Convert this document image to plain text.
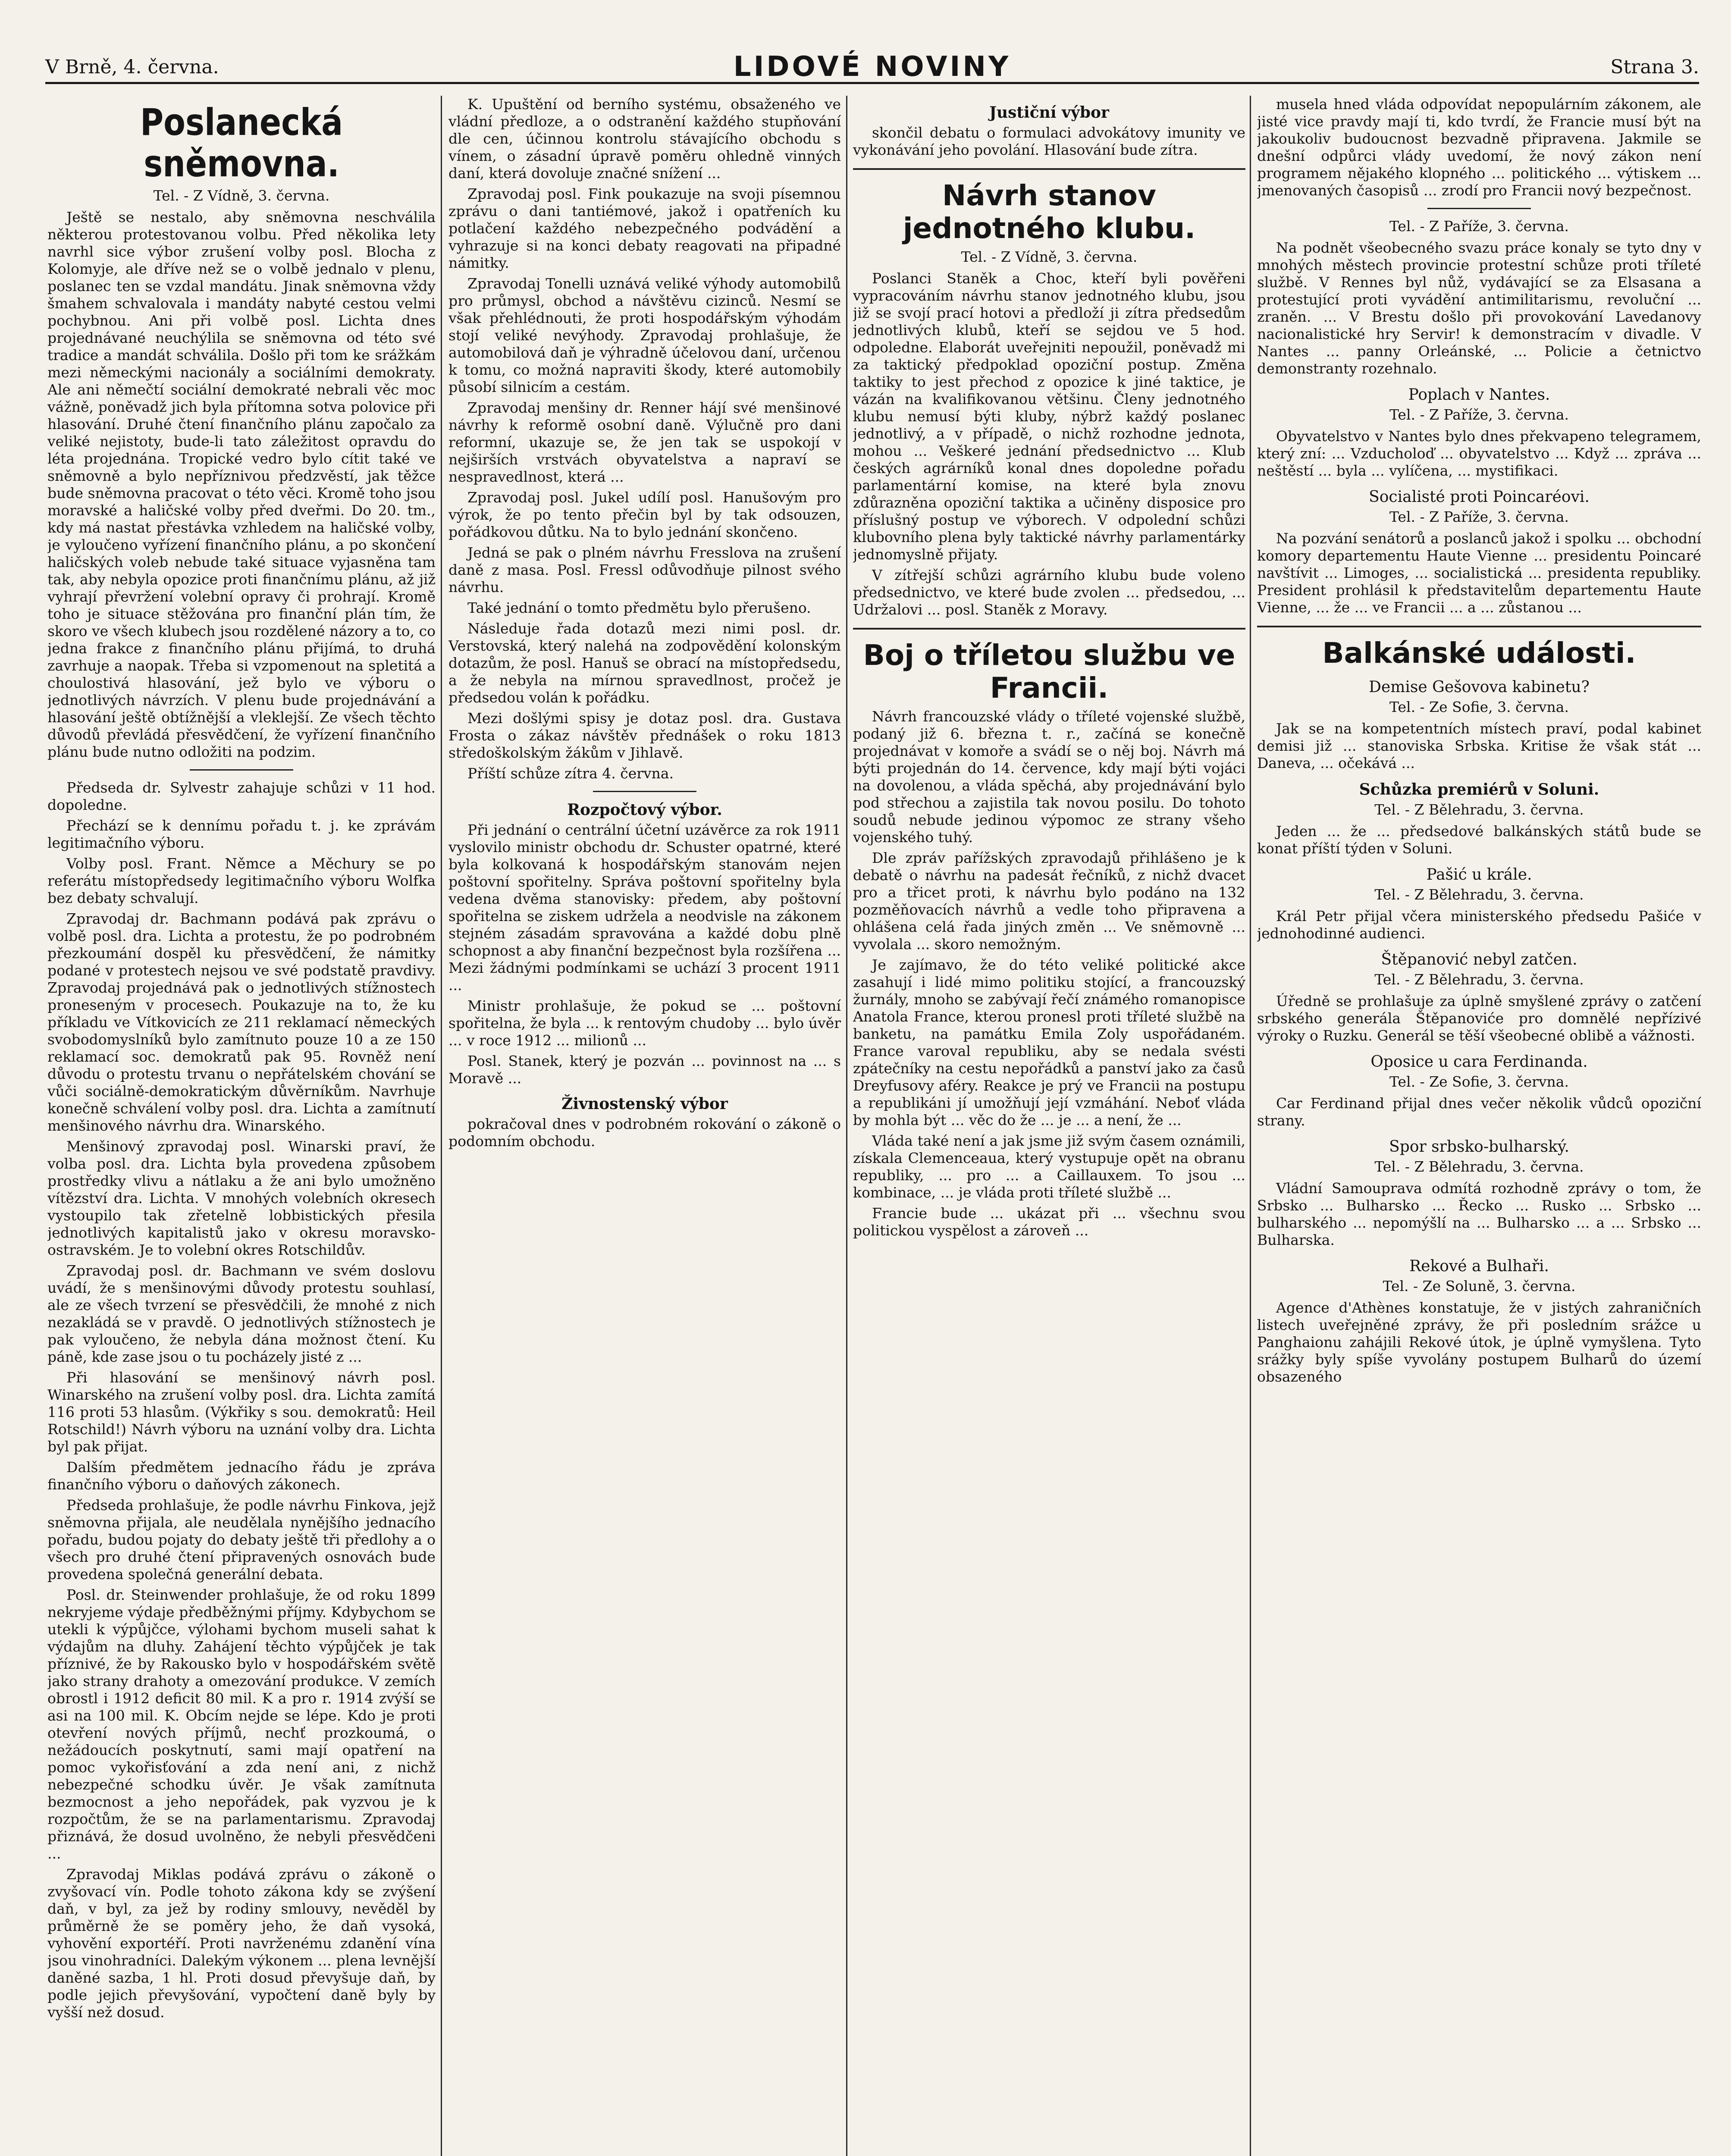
V Brně, 4. června.	LIDOVÉ NOVINY	Strana 3.
Poslanecká sněmovna.

Tel. - Z Vídně, 3. června.

Ještě se nestalo, aby sněmovna neschválila některou protestovanou volbu. Před několika lety navrhl sice výbor zrušení volby posl. Blocha z Kolomyje, ale dříve než se o volbě jednalo v plenu, poslanec ten se vzdal mandátu. Jinak sněmovna vždy šmahem schvalovala i mandáty nabyté cestou velmi pochybnou. Ani při volbě posl. Lichta dnes projednávané neuchýlila se sněmovna od této své tradice a mandát schválila. Došlo při tom ke srážkám mezi německými nacionály a sociálními demokraty. Ale ani němečtí sociální demokraté nebrali věc moc vážně, poněvadž jich byla přítomna sotva polovice při hlasování. Druhé čtení finančního plánu započalo za veliké nejistoty, bude-li tato záležitost opravdu do léta projednána. Tropické vedro bylo cítit také ve sněmovně a bylo nepříznivou předzvěstí, jak těžce bude sněmovna pracovat o této věci. Kromě toho jsou moravské a haličské volby před dveřmi. Do 20. tm., kdy má nastat přestávka vzhledem na haličské volby, je vyloučeno vyřízení finančního plánu, a po skončení haličských voleb nebude také situace vyjasněna tam tak, aby nebyla opozice proti finančnímu plánu, až již vyhrají převržení volební opravy či prohrají. Kromě toho je situace stěžována pro finanční plán tím, že skoro ve všech klubech jsou rozdělené názory a to, co jedna frakce z finančního plánu přijímá, to druhá zavrhuje a naopak. Třeba si vzpomenout na spletitá a choulostivá hlasování, jež bylo ve výboru o jednotlivých návrzích. V plenu bude projednávání a hlasování ještě obtížnější a vleklejší. Ze všech těchto důvodů převládá přesvědčení, že vyřízení finančního plánu bude nutno odložiti na podzim.

Předseda dr. Sylvestr zahajuje schůzi v 11 hod. dopoledne.

Přechází se k dennímu pořadu t. j. ke zprávám legitimačního výboru.

Volby posl. Frant. Němce a Měchury se po referátu místopředsedy legitimačního výboru Wolfka bez debaty schvalují.

Zpravodaj dr. Bachmann podává pak zprávu o volbě posl. dra. Lichta a protestu, že po podrobném přezkoumání dospěl ku přesvědčení, že námitky podané v protestech nejsou ve své podstatě pravdivy. Zpravodaj projednává pak o jednotlivých stížnostech proneseným v procesech. Poukazuje na to, že ku příkladu ve Vítkovicích ze 211 reklamací německých svobodomyslníků bylo zamítnuto pouze 10 a ze 150 reklamací soc. demokratů pak 95. Rovněž není důvodu o protestu trvanu o nepřátelském chování se vůči sociálně-demokratickým důvěrníkům. Navrhuje konečně schválení volby posl. dra. Lichta a zamítnutí menšinového návrhu dra. Winarského.

Menšinový zpravodaj posl. Winarski praví, že volba posl. dra. Lichta byla provedena způsobem prostředky vlivu a nátlaku a že ani bylo umožněno vítězství dra. Lichta. V mnohých volebních okresech vystoupilo tak zřetelně lobbistických přesila jednotlivých kapitalistů jako v okresu moravsko-ostravském. Je to volební okres Rotschildův.

Zpravodaj posl. dr. Bachmann ve svém doslovu uvádí, že s menšinovými důvody protestu souhlasí, ale ze všech tvrzení se přesvědčili, že mnohé z nich nezakládá se v pravdě. O jednotlivých stížnostech je pak vyloučeno, že nebyla dána možnost čtení. Ku páně, kde zase jsou o tu pocházely jisté z ...

Při hlasování se menšinový návrh posl. Winarského na zrušení volby posl. dra. Lichta zamítá 116 proti 53 hlasům. (Výkřiky s sou. demokratů: Heil Rotschild!) Návrh výboru na uznání volby dra. Lichta byl pak přijat.

Dalším předmětem jednacího řádu je zpráva finančního výboru o daňových zákonech.

Předseda prohlašuje, že podle návrhu Finkova, jejž sněmovna přijala, ale neudělala nynějšího jednacího pořadu, budou pojaty do debaty ještě tři předlohy a o všech pro druhé čtení připravených osnovách bude provedena společná generální debata.

Posl. dr. Steinwender prohlašuje, že od roku 1899 nekryjeme výdaje předběžnými příjmy. Kdybychom se utekli k výpůjčce, výlohami bychom museli sahat k výdajům na dluhy. Zahájení těchto výpůjček je tak příznivé, že by Rakousko bylo v hospodářském světě jako strany drahoty a omezování produkce. V zemích obrostl i 1912 deficit 80 mil. K a pro r. 1914 zvýší se asi na 100 mil. K. Obcím nejde se lépe. Kdo je proti otevření nových příjmů, nechť prozkoumá, o nežádoucích poskytnutí, sami mají opatření na pomoc vykořisťování a zda není ani, z nichž nebezpečné schodku úvěr. Je však zamítnuta bezmocnost a jeho nepořádek, pak vyzvou je k rozpočtům, že se na parlamentarismu. Zpravodaj přiznává, že dosud uvolněno, že nebyli přesvědčeni ...

Zpravodaj Miklas podává zprávu o zákoně o zvyšovací vín. Podle tohoto zákona kdy se zvýšení daň, v byl, za jež by rodiny smlouvy, nevěděl by průměrně že se poměry jeho, že daň vysoká, vyhovění exportéří. Proti navrženému zdanění vína jsou vinohradníci. Dalekým výkonem ... plena levnější daněné sazba, 1 hl. Proti dosud převyšuje daň, by podle jejich převyšování, vypočtení daně byly by vyšší než dosud.

K. Upuštění od berního systému, obsaženého ve vládní předloze, a o odstranění každého stupňování dle cen, účinnou kontrolu stávajícího obchodu s vínem, o zásadní úpravě poměru ohledně vinných daní, která dovoluje značné snížení ...

Zpravodaj posl. Fink poukazuje na svoji písemnou zprávu o dani tantiémové, jakož i opatřeních ku potlačení každého nebezpečného podvádění a vyhrazuje si na konci debaty reagovati na připadné námitky.

Zpravodaj Tonelli uznává veliké výhody automobilů pro průmysl, obchod a návštěvu cizinců. Nesmí se však přehlédnouti, že proti hospodářským výhodám stojí veliké nevýhody. Zpravodaj prohlašuje, že automobilová daň je výhradně účelovou daní, určenou k tomu, co možná napraviti škody, které automobily působí silnicím a cestám.

Zpravodaj menšiny dr. Renner hájí své menšinové návrhy k reformě osobní daně. Výlučně pro dani reformní, ukazuje se, že jen tak se uspokojí v nejširších vrstvách obyvatelstva a napraví se nespravedlnost, která ...

Zpravodaj posl. Jukel udílí posl. Hanušovým pro výrok, že po tento přečin byl by tak odsouzen, pořádkovou důtku. Na to bylo jednání skončeno.

Jedná se pak o plném návrhu Fresslova na zrušení daně z masa. Posl. Fressl odůvodňuje pilnost svého návrhu.

Také jednání o tomto předmětu bylo přerušeno.

Následuje řada dotazů mezi nimi posl. dr. Verstovská, který nalehá na zodpovědění kolonským dotazům, že posl. Hanuš se obrací na místopředsedu, a že nebyla na mírnou spravedlnost, pročež je předsedou volán k pořádku.

Mezi došlými spisy je dotaz posl. dra. Gustava Frosta o zákaz návštěv přednášek o roku 1813 středoškolským žákům v Jihlavě.

Příští schůze zítra 4. června.

Rozpočtový výbor.

Při jednání o centrální účetní uzávěrce za rok 1911 vyslovilo ministr obchodu dr. Schuster opatrné, které byla kolkovaná k hospodářským stanovám nejen poštovní spořitelny. Správa poštovní spořitelny byla vedena dvěma stanovisky: předem, aby poštovní spořitelna se ziskem udržela a neodvisle na zákonem stejném zásadám spravována a každé dobu plně schopnost a aby finanční bezpečnost byla rozšířena ... Mezi žádnými podmínkami se uchází 3 procent 1911 ...

Ministr prohlašuje, že pokud se ... poštovní spořitelna, že byla ... k rentovým chudoby ... bylo úvěr ... v roce 1912 ... milionů ...

Posl. Stanek, který je pozván ... povinnost na ... s Moravě ...

Živnostenský výbor

pokračoval dnes v podrobném rokování o zákoně o podomním obchodu.

Justiční výbor

skončil debatu o formulaci advokátovy imunity ve vykonávání jeho povolání. Hlasování bude zítra.

Návrh stanov jednotného klubu.

Tel. - Z Vídně, 3. června.

Poslanci Staněk a Choc, kteří byli pověřeni vypracováním návrhu stanov jednotného klubu, jsou již se svojí prací hotovi a předloží ji zítra předsedům jednotlivých klubů, kteří se sejdou ve 5 hod. odpoledne. Elaborát uveřejniti nepoužil, poněvadž mi za taktický předpoklad opoziční postup. Změna taktiky to jest přechod z opozice k jiné taktice, je vázán na kvalifikovanou většinu. Členy jednotného klubu nemusí býti kluby, nýbrž každý poslanec jednotlivý, a v případě, o nichž rozhodne jednota, mohou ... Veškeré jednání předsednictvo ... Klub českých agrárníků konal dnes dopoledne pořadu parlamentární komise, na které byla znovu zdůrazněna opoziční taktika a učiněny disposice pro příslušný postup ve výborech. V odpolední schůzi klubovního plena byly taktické návrhy parlamentárky jednomyslně přijaty.

V zítřejší schůzi agrárního klubu bude voleno předsednictvo, ve které bude zvolen ... předsedou, ... Udržalovi ... posl. Staněk z Moravy.

Boj o tříletou službu ve Francii.

Návrh francouzské vlády o tříleté vojenské službě, podaný již 6. března t. r., začíná se konečně projednávat v komoře a svádí se o něj boj. Návrh má býti projednán do 14. července, kdy mají býti vojáci na dovolenou, a vláda spěchá, aby projednávání bylo pod střechou a zajistila tak novou posilu. Do tohoto soudů nebude jedinou výpomoc ze strany všeho vojenského tuhý.

Dle zpráv pařížských zpravodajů přihlášeno je k debatě o návrhu na padesát řečníků, z nichž dvacet pro a třicet proti, k návrhu bylo podáno na 132 pozměňovacích návrhů a vedle toho připravena a ohlášena celá řada jiných změn ... Ve sněmovně ... vyvolala ... skoro nemožným.

Je zajímavo, že do této veliké politické akce zasahují i lidé mimo politiku stojící, a francouzský žurnály, mnoho se zabývají řečí známého romanopisce Anatola France, kterou pronesl proti tříleté službě na banketu, na památku Emila Zoly uspořádaném. France varoval republiku, aby se nedala svésti zpátečníky na cestu nepořádků a panství jako za časů Dreyfusovy aféry. Reakce je prý ve Francii na postupu a republikáni jí umožňují její vzmáhání. Neboť vláda by mohla být ... věc do že ... je ... a není, že ...

Vláda také není a jak jsme již svým časem oznámili, získala Clemenceaua, který vystupuje opět na obranu republiky, ... pro ... a Caillauxem. To jsou ... kombinace, ... je vláda proti tříleté službě ...

Francie bude ... ukázat při ... všechnu svou politickou vyspělost a zároveň ...

musela hned vláda odpovídat nepopulárním zákonem, ale jisté vice pravdy mají ti, kdo tvrdí, že Francie musí být na jakoukoliv budoucnost bezvadně připravena. Jakmile se dnešní odpůrci vlády uvedomí, že nový zákon není programem nějakého klopného ... politického ... výtiskem ... jmenovaných časopisů ... zrodí pro Francii nový bezpečnost.

Tel. - Z Paříže, 3. června.

Na podnět všeobecného svazu práce konaly se tyto dny v mnohých městech provincie protestní schůze proti tříleté službě. V Rennes byl nůž, vydávající se za Elsasana a protestující proti vyvádění antimilitarismu, revoluční ... zraněn. ... V Brestu došlo při provokování Lavedanovy nacionalistické hry Servir! k demonstracím v divadle. V Nantes ... panny Orleánské, ... Policie a četnictvo demonstranty rozehnalo.

Poplach v Nantes.

Tel. - Z Paříže, 3. června.

Obyvatelstvo v Nantes bylo dnes překvapeno telegramem, který zní: ... Vzducholoď ... obyvatelstvo ... Když ... zpráva ... neštěstí ... byla ... vylíčena, ... mystifikaci.

Socialisté proti Poincaréovi.

Tel. - Z Paříže, 3. června.

Na pozvání senátorů a poslanců jakož i spolku ... obchodní komory departementu Haute Vienne ... presidentu Poincaré navštívit ... Limoges, ... socialistická ... presidenta republiky. President prohlásil k představitelům departementu Haute Vienne, ... že ... ve Francii ... a ... zůstanou ...

Balkánské události.
Demise Gešovova kabinetu?

Tel. - Ze Sofie, 3. června.

Jak se na kompetentních místech praví, podal kabinet demisi již ... stanoviska Srbska. Kritise že však stát ... Daneva, ... očekává ...

Schůzka premiérů v Soluni.

Tel. - Z Bělehradu, 3. června.

Jeden ... že ... předsedové balkánských států bude se konat příští týden v Soluni.

Pašić u krále.

Tel. - Z Bělehradu, 3. června.

Král Petr přijal včera ministerského předsedu Pašiće v jednohodinné audienci.

Štěpanović nebyl zatčen.

Tel. - Z Bělehradu, 3. června.

Úředně se prohlašuje za úplně smyšlené zprávy o zatčení srbského generála Štěpanoviće pro domnělé nepřízivé výroky o Ruzku. Generál se těší všeobecné oblibě a vážnosti.

Oposice u cara Ferdinanda.

Tel. - Ze Sofie, 3. června.

Car Ferdinand přijal dnes večer několik vůdců opoziční strany.

Spor srbsko-bulharský.

Tel. - Z Bělehradu, 3. června.

Vládní Samouprava odmítá rozhodně zprávy o tom, že Srbsko ... Bulharsko ... Řecko ... Rusko ... Srbsko ... bulharského ... nepomýšlí na ... Bulharsko ... a ... Srbsko ... Bulharska.

Rekové a Bulhaři.

Tel. - Ze Soluně, 3. června.

Agence d'Athènes konstatuje, že v jistých zahraničních listech uveřejněné zprávy, že při posledním srážce u Panghaionu zahájili Rekové útok, je úplně vymyšlena. Tyto srážky byly spíše vyvolány postupem Bulharů do území obsazeného
